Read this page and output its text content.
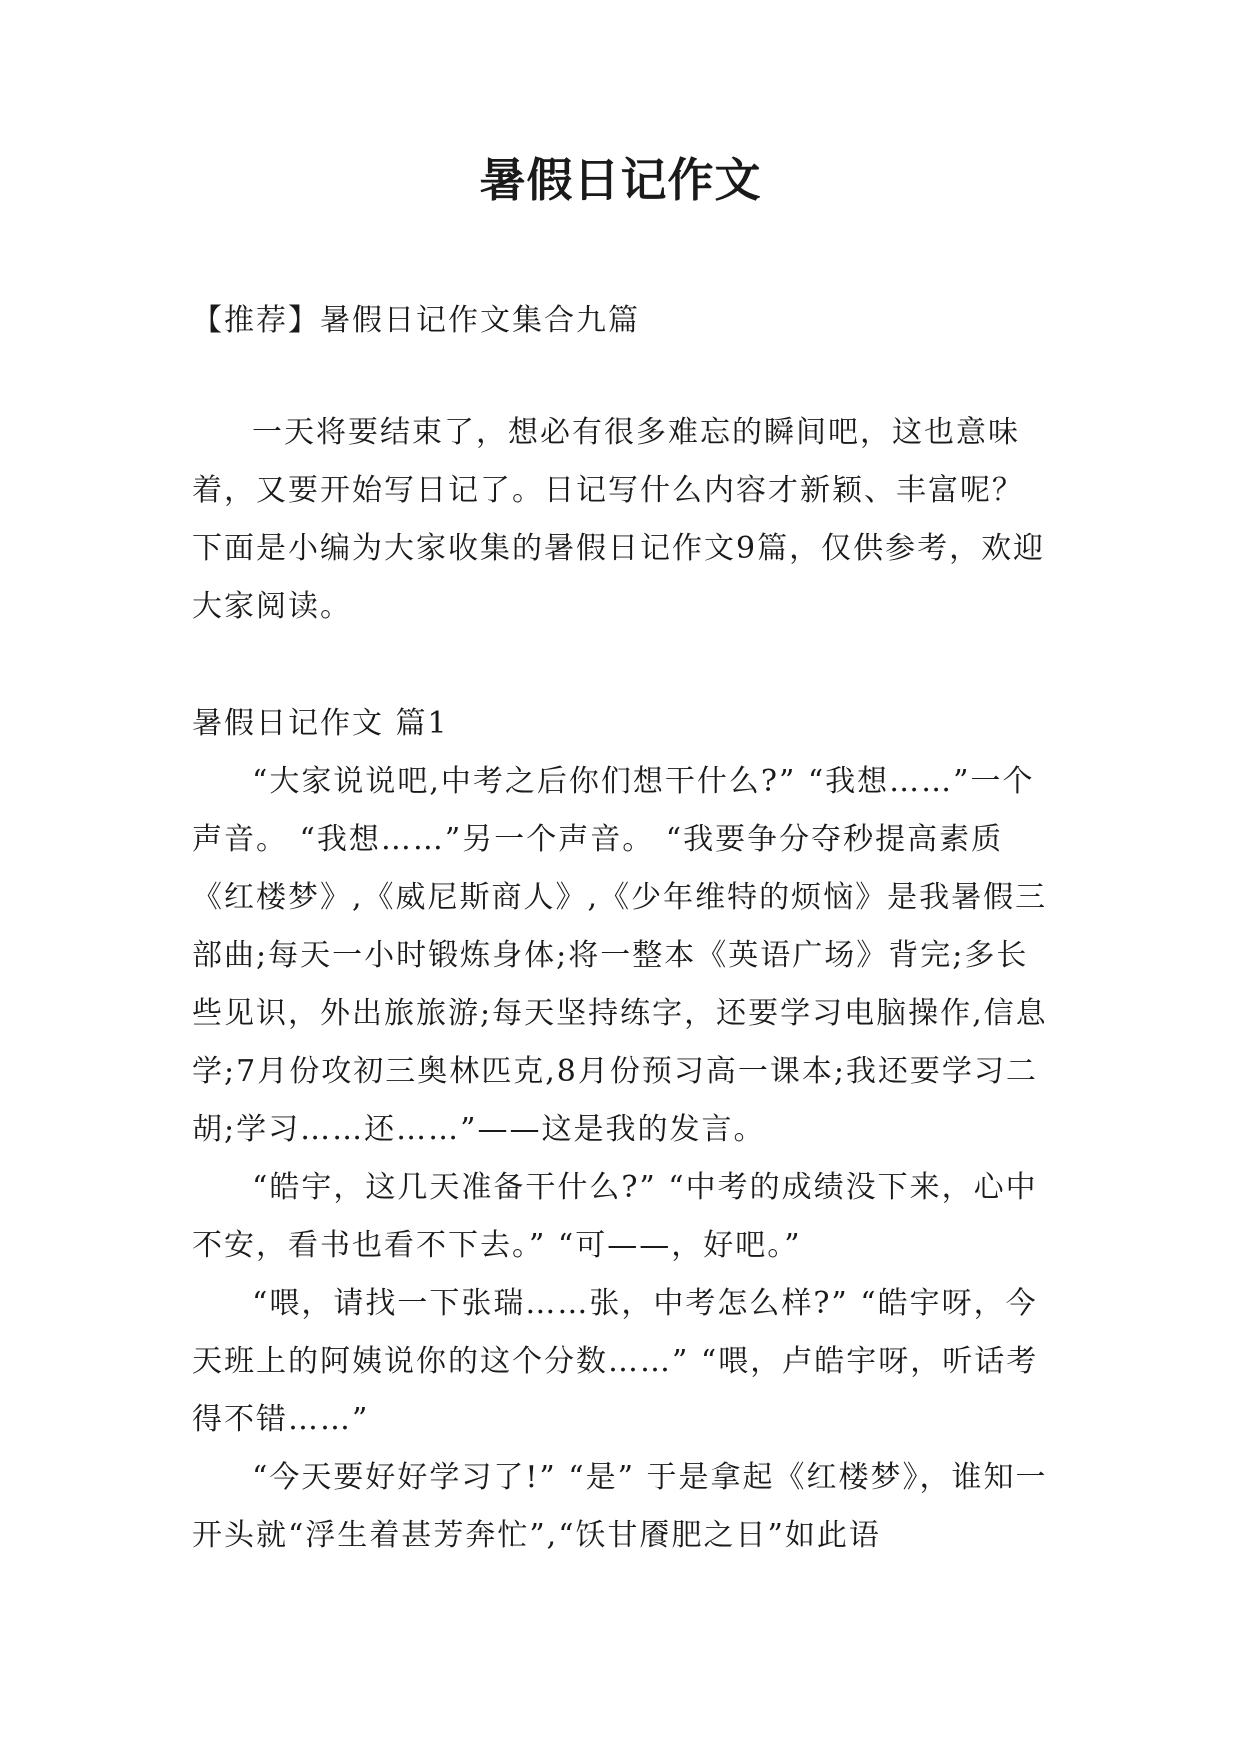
暑假日记作文

【推荐】暑假日记作文集合九篇

一天将要结束了，想必有很多难忘的瞬间吧，这也意味着，又要开始写日记了。日记写什么内容才新颖、丰富呢？下面是小编为大家收集的暑假日记作文9篇，仅供参考，欢迎大家阅读。

暑假日记作文 篇1

“大家说说吧,中考之后你们想干什么?” “我想……”一个声音。 “我想……”另一个声音。 “我要争分夺秒提高素质《红楼梦》,《威尼斯商人》,《少年维特的烦恼》是我暑假三部曲;每天一小时锻炼身体;将一整本《英语广场》背完;多长些见识，外出旅旅游;每天坚持练字，还要学习电脑操作,信息学;7月份攻初三奥林匹克,8月份预习高一课本;我还要学习二胡;学习……还……”——这是我的发言。

“皓宇，这几天准备干什么?” “中考的成绩没下来，心中不安，看书也看不下去。” “可——，好吧。”

“喂，请找一下张瑞……张，中考怎么样?” “皓宇呀，今天班上的阿姨说你的这个分数……” “喂，卢皓宇呀，听话考得不错……”

“今天要好好学习了!” “是” 于是拿起《红楼梦》，谁知一开头就“浮生着甚芳奔忙”,“饫甘餍肥之日”如此语
